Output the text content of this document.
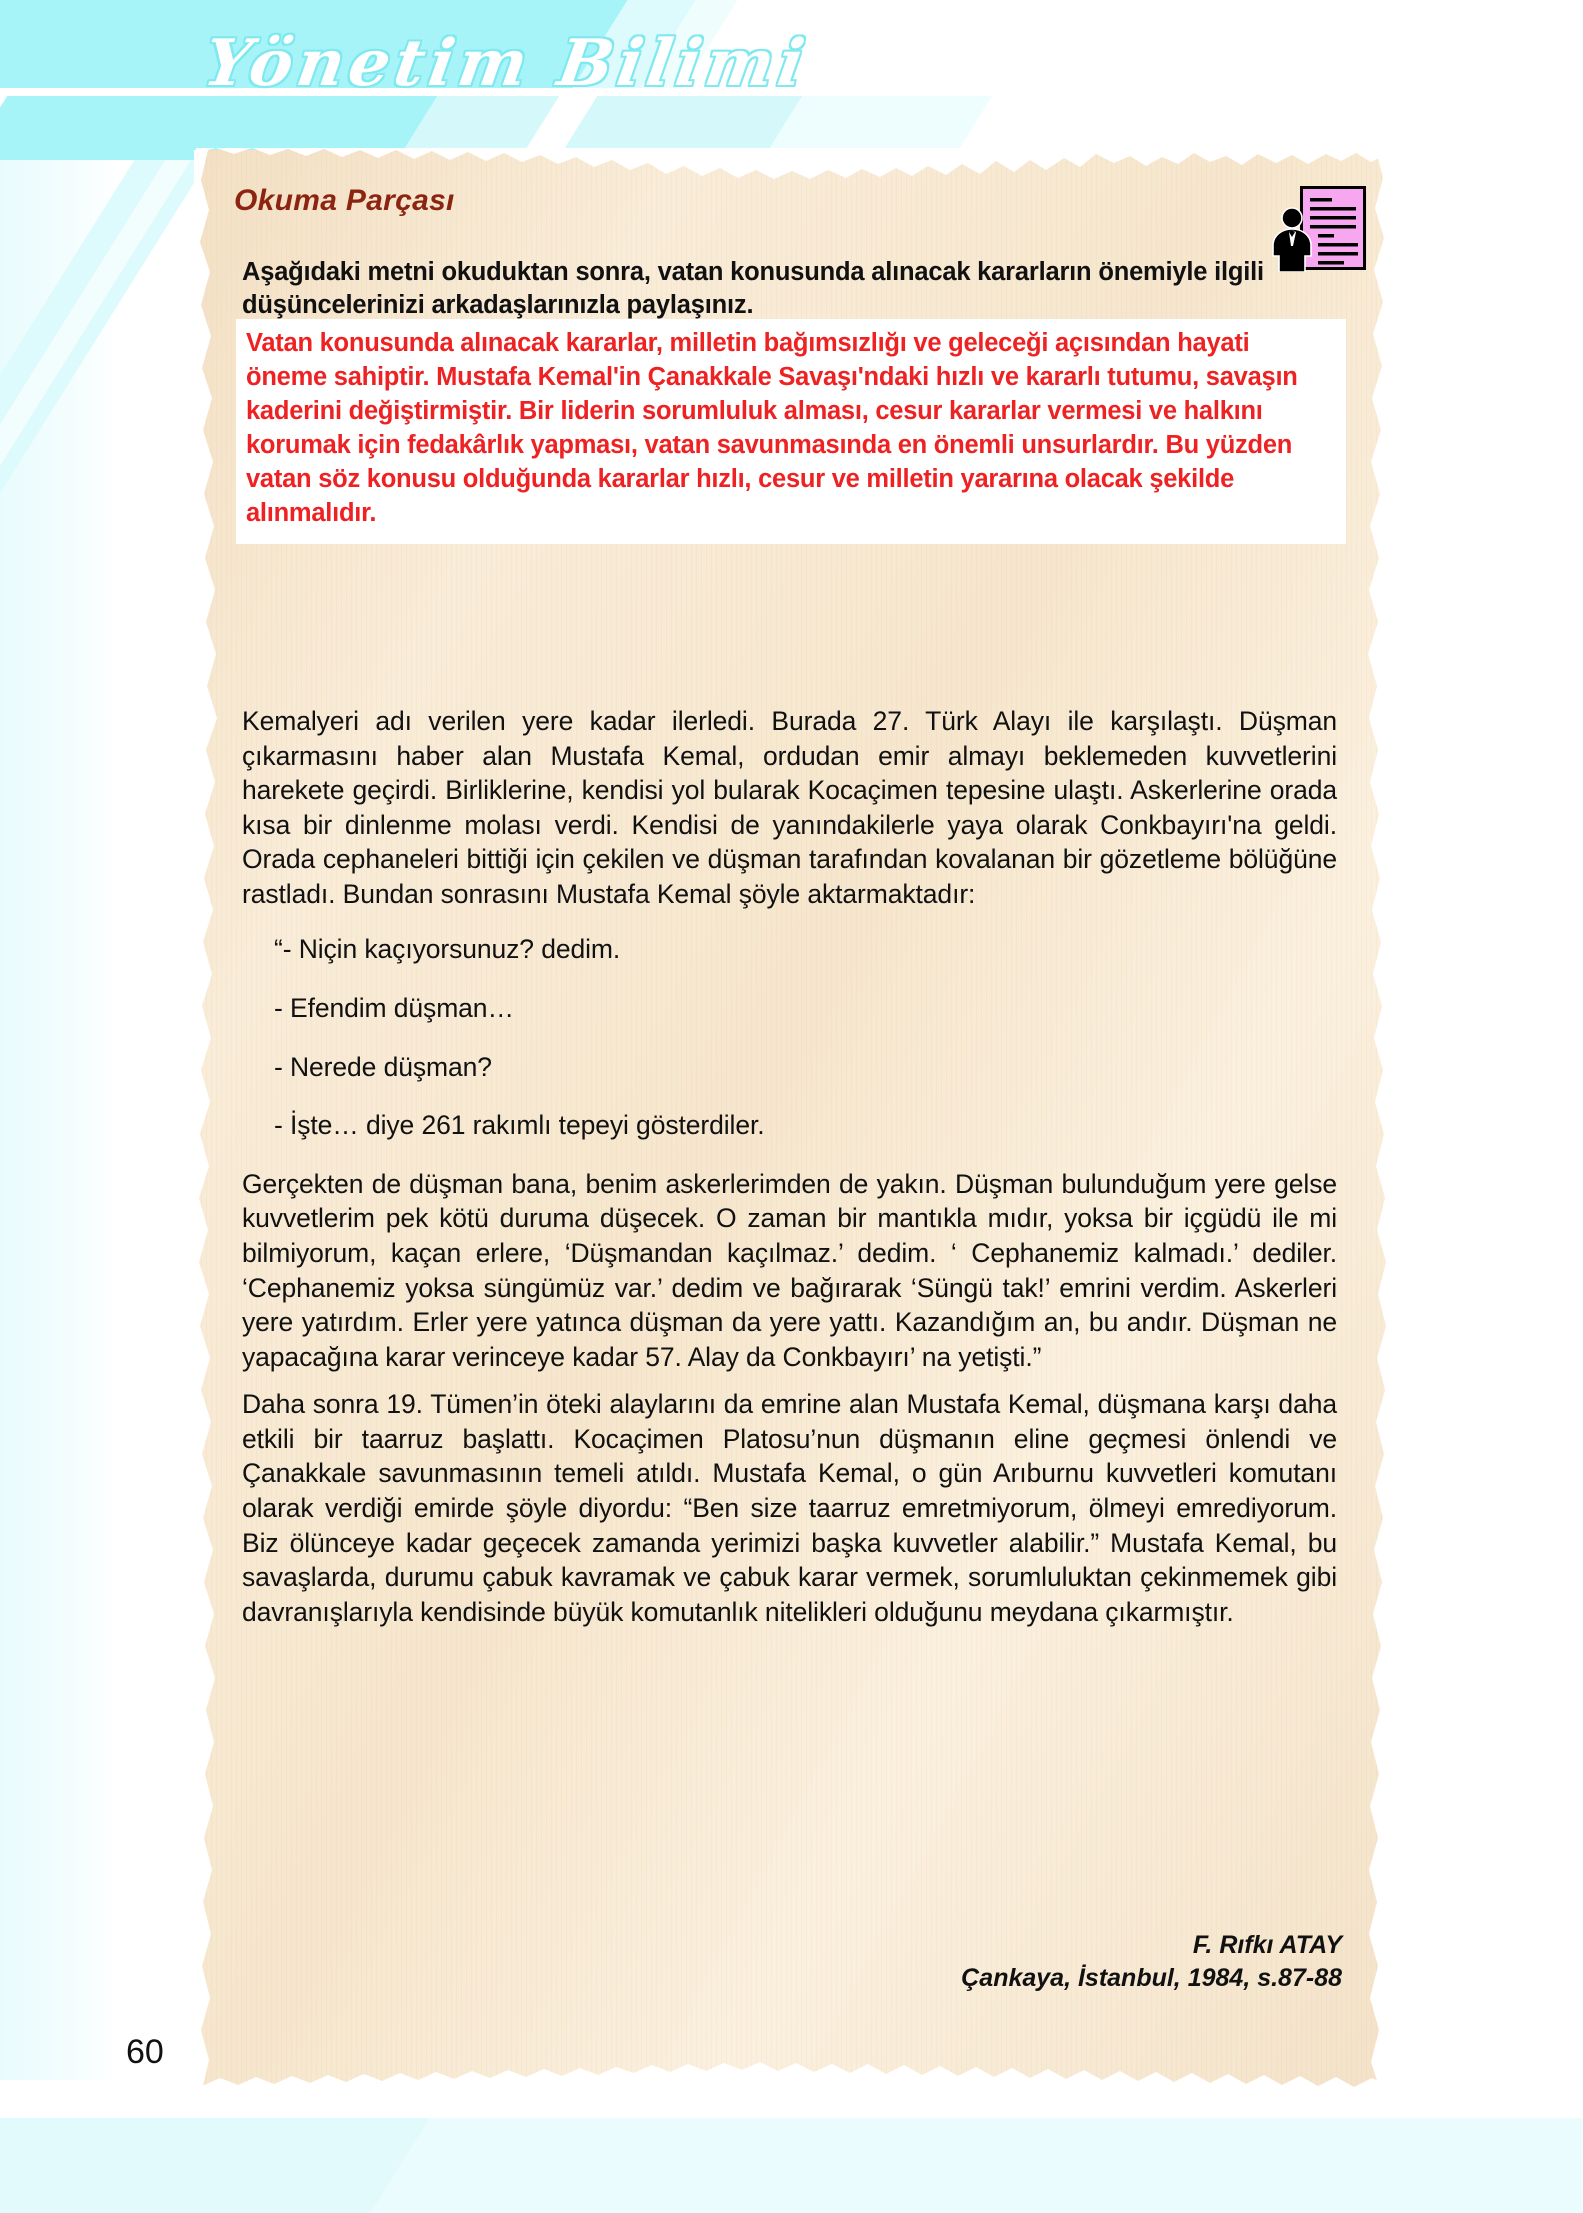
Yönetim Bilimi
Okuma Parçası
Aşağıdaki metni okuduktan sonra, vatan konusunda alınacak kararların önemiyle ilgili düşüncelerinizi arkadaşlarınızla paylaşınız.

Vatan konusunda alınacak kararlar, milletin bağımsızlığı ve geleceği açısından hayati öneme sahiptir. Mustafa Kemal'in Çanakkale Savaşı'ndaki hızlı ve kararlı tutumu, savaşın kaderini değiştirmiştir. Bir liderin sorumluluk alması, cesur kararlar vermesi ve halkını korumak için fedakârlık yapması, vatan savunmasında en önemli unsurlardır. Bu yüzden vatan söz konusu olduğunda kararlar hızlı, cesur ve milletin yararına olacak şekilde alınmalıdır.

Kemalyeri adı verilen yere kadar ilerledi. Burada 27. Türk Alayı ile karşılaştı. Düşman çıkarmasını haber alan Mustafa Kemal, ordudan emir almayı beklemeden kuvvetlerini harekete geçirdi. Birliklerine, kendisi yol bularak Kocaçimen tepesine ulaştı. Askerlerine orada kısa bir dinlenme molası verdi. Kendisi de yanındakilerle yaya olarak Conkbayırı'na geldi. Orada cephaneleri bittiği için çekilen ve düşman tarafından kovalanan bir gözetleme bölüğüne rastladı. Bundan sonrasını Mustafa Kemal şöyle aktarmaktadır:

“- Niçin kaçıyorsunuz? dedim.

- Efendim düşman…

- Nerede düşman?

- İşte… diye 261 rakımlı tepeyi gösterdiler.

Gerçekten de düşman bana, benim askerlerimden de yakın. Düşman bulunduğum yere gelse kuvvetlerim pek kötü duruma düşecek. O zaman bir mantıkla mıdır, yoksa bir içgüdü ile mi bilmiyorum, kaçan erlere, ‘Düşmandan kaçılmaz.’ dedim. ‘ Cephanemiz kalmadı.’ dediler. ‘Cephanemiz yoksa süngümüz var.’ dedim ve bağırarak ‘Süngü tak!’ emrini verdim. Askerleri yere yatırdım. Erler yere yatınca düşman da yere yattı. Kazandığım an, bu andır. Düşman ne yapacağına karar verinceye kadar 57. Alay da Conkbayırı’ na yetişti.”

Daha sonra 19. Tümen’in öteki alaylarını da emrine alan Mustafa Kemal, düşmana karşı daha etkili bir taarruz başlattı. Kocaçimen Platosu’nun düşmanın eline geçmesi önlendi ve Çanakkale savunmasının temeli atıldı. Mustafa Kemal, o gün Arıburnu kuvvetleri komutanı olarak verdiği emirde şöyle diyordu: “Ben size taarruz emretmiyorum, ölmeyi emrediyorum. Biz ölünceye kadar geçecek zamanda yerimizi başka kuvvetler alabilir.” Mustafa Kemal, bu savaşlarda, durumu çabuk kavramak ve çabuk karar vermek, sorumluluktan çekinmemek gibi davranışlarıyla kendisinde büyük komutanlık nitelikleri olduğunu meydana çıkarmıştır.

F. Rıfkı ATAY
Çankaya, İstanbul, 1984, s.87-88
60
